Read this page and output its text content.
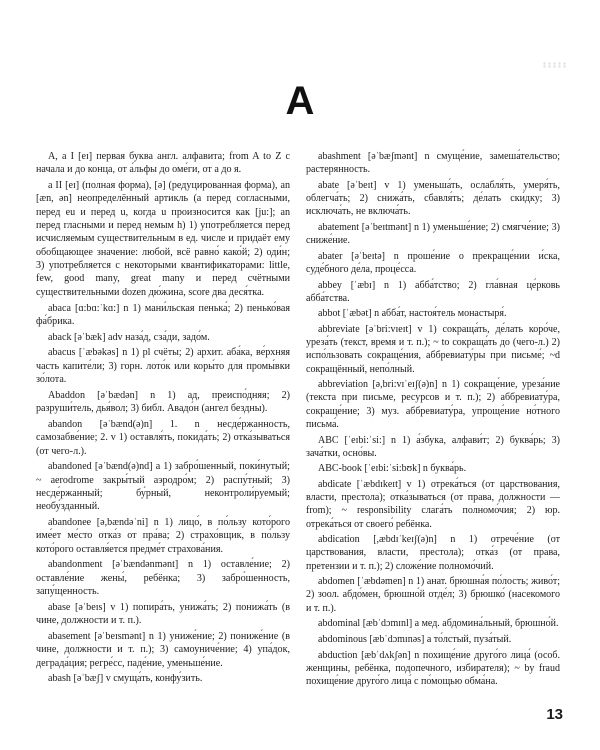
A

A, a I [eɪ] первая буква англ. алфавита; from A to Z с начала и до конца, от а́льфы до оме́ги, от а до я.

a II [eɪ] (полная форма), [ə] (редуцированная форма), an [æn, ən] неопределённый артикль (а перед согласными, перед eu и перед u, когда u произносится как [ju:]; an перед гласными и перед немым h) 1) употребляется перед исчисляемым существительным в ед. числе и придаёт ему обобщающее значение: любой, всё равно́ како́й; 2) оди́н; 3) употребляется с некоторыми квантификаторами: little, few, good many, great many и перед счётными существительными dozen дю́жина, score два деся́тка.

abaca [ɑ:bɑ:ˈkɑ:] n 1) мани́льская пенька́; 2) пенько́вая фа́брика.

aback [əˈbæk] adv наза́д, сза́ди, задо́м.

abacus [ˈæbəkəs] n 1) pl счёты; 2) архит. аба́ка, ве́рхняя часть капите́ли; 3) горн. лото́к или коры́то для промы́вки зо́лота.

Abaddon [əˈbædən] n 1) ад, преиспо́дняя; 2) разруши́тель, дья́вол; 3) библ. Авадо́н (ангел бездны).

abandon [əˈbænd(ə)n] 1. n несде́ржанность, самозабве́ние; 2. v 1) оставля́ть, покида́ть; 2) отка́зываться (от чего-л.).

abandoned [əˈbænd(ə)nd] a 1) забро́шенный, поки́нутый; ~ aerodrome закры́тый аэродро́м; 2) распу́тный; 3) несде́ржанный; бу́рный, неконтроли́руемый; необу́зданный.

abandonee [ə,bændəˈni] n 1) лицо́, в по́льзу кото́рого име́ет ме́сто отка́з от пра́ва; 2) страхо́вщик, в по́льзу кото́рого оставля́ется предме́т страхова́ния.

abandonment [əˈbændənmənt] n 1) оставле́ние; 2) оставле́ние жены́, ребёнка; 3) забро́шенность, запу́щенность.

abase [əˈbeɪs] v 1) попира́ть, унижа́ть; 2) понижа́ть (в чине, должности и т. п.).

abasement [əˈbeɪsmənt] n 1) униже́ние; 2) пониже́ние (в чине, должности и т. п.); 3) самоуниче́ние; 4) упа́док, деграда́ция; регре́сс, паде́ние, уменьше́ние.

abash [əˈbæʃ] v смуща́ть, конфу́зить.

abashment [əˈbæʃmənt] n смуще́ние, замеша́тельство; растерянность.

abate [əˈbeɪt] v 1) уменьша́ть, ослабля́ть, умеря́ть, облегча́ть; 2) снижа́ть, сбавля́ть; де́лать ски́дку; 3) исключа́ть, не включа́ть.

abatement [əˈbeɪtmənt] n 1) уменьше́ние; 2) смягче́ние; 3) сниже́ние.

abater [əˈbeɪtə] n проше́ние о прекраще́нии и́ска, суде́бного де́ла, проце́сса.

abbey [ˈæbɪ] n 1) абба́тство; 2) гла́вная це́рковь абба́тства.

abbot [ˈæbət] n абба́т, настоя́тель монастыря́.

abbreviate [əˈbri:vɪeɪt] v 1) сокраща́ть, де́лать коро́че, уреза́ть (текст, время и т. п.); ~ to сокраща́ть до (чего-л.) 2) испо́льзовать сокраще́ния, аббревиату́ры при письме́; ~d сокращённый, непо́лный.

abbreviation [ə,bri:vɪˈeɪʃ(ə)n] n 1) сокраще́ние, уреза́ние (текста при письме, ресурсов и т. п.); 2) аббревиату́ра, сокраще́ние; 3) муз. аббревиату́ра, упроще́ние но́тного письма́.

ABC [ˈeɪbi:ˈsi:] n 1) а́збука, алфави́т; 2) буква́рь; 3) зача́тки, осно́вы.

ABC-book [ˈeɪbi:ˈsi:bʊk] n буква́рь.

abdicate [ˈæbdɪkeɪt] v 1) отрека́ться (от царствования, власти, престола); отка́зываться (от права, должности — from); ~ responsibility слага́ть полномо́чия; 2) юр. отрека́ться от своего́ ребёнка.

abdication [,æbdɪˈkeɪʃ(ə)n] n 1) отрече́ние (от царствования, власти, престола); отка́з (от права, претензии и т. п.); 2) сложе́ние полномо́чий.

abdomen [ˈæbdəmen] n 1) анат. брюшна́я по́лость; живо́т; 2) зоол. абдо́мен, брюшно́й отде́л; 3) брюшко́ (насекомого и т. п.).

abdominal [æbˈdɔmɪnl] a мед. абдомина́льный, брюшно́й.

abdominous [æbˈdɔmɪnəs] a то́лстый, пуза́тый.

abduction [æbˈdʌkʃən] n похище́ние друго́го лица́ (особ. женщины, ребёнка, подопечного, избирателя); ~ by fraud похище́ние друго́го лица́ с по́мощью обма́на.

13
